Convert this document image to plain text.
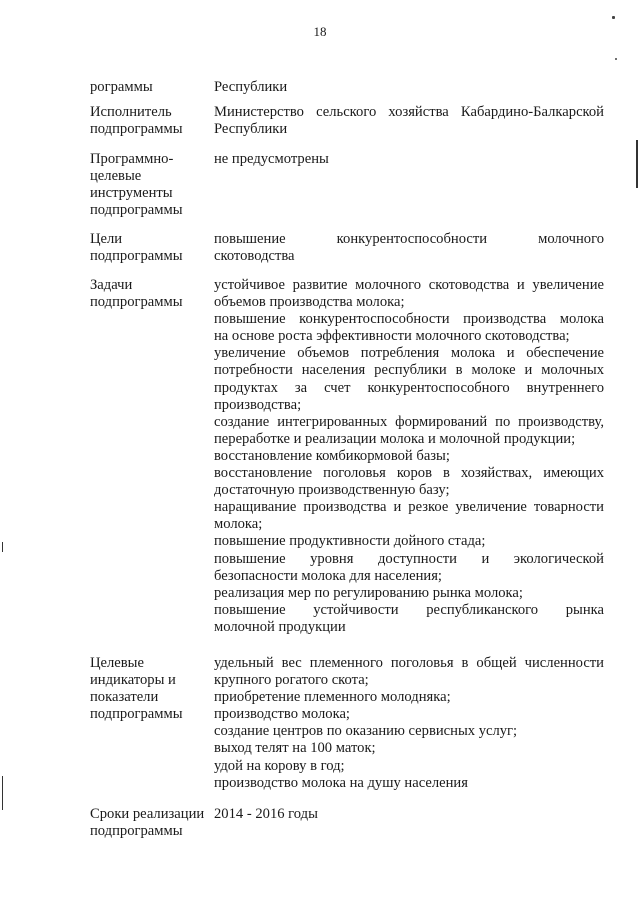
18
рограммы	Республики
Исполнитель
подпрограммы
Министерство сельского хозяйства Кабардино-Балкарской
Республики
Программно-
целевые
инструменты
подпрограммы
не предусмотрены
Цели
подпрограммы
повышение конкурентоспособности молочного
скотоводства
Задачи
подпрограммы
устойчивое развитие молочного скотоводства и увеличение
объемов производства молока;
повышение конкурентоспособности производства молока
на основе роста эффективности молочного скотоводства;
увеличение объемов потребления молока и обеспечение
потребности населения республики в молоке и молочных
продуктах за счет конкурентоспособного внутреннего
производства;
создание интегрированных формирований по производству,
переработке и реализации молока и молочной продукции;
восстановление комбикормовой базы;
восстановление поголовья коров в хозяйствах, имеющих
достаточную производственную базу;
наращивание производства и резкое увеличение товарности
молока;
повышение продуктивности дойного стада;
повышение уровня доступности и экологической
безопасности молока для населения;
реализация мер по регулированию рынка молока;
повышение устойчивости республиканского рынка
молочной продукции
Целевые
индикаторы и
показатели
подпрограммы
удельный вес племенного поголовья в общей численности
крупного рогатого скота;
приобретение племенного молодняка;
производство молока;
создание центров по оказанию сервисных услуг;
выход телят на 100 маток;
удой на корову в год;
производство молока на душу населения
Сроки реализации
подпрограммы
2014 - 2016 годы
